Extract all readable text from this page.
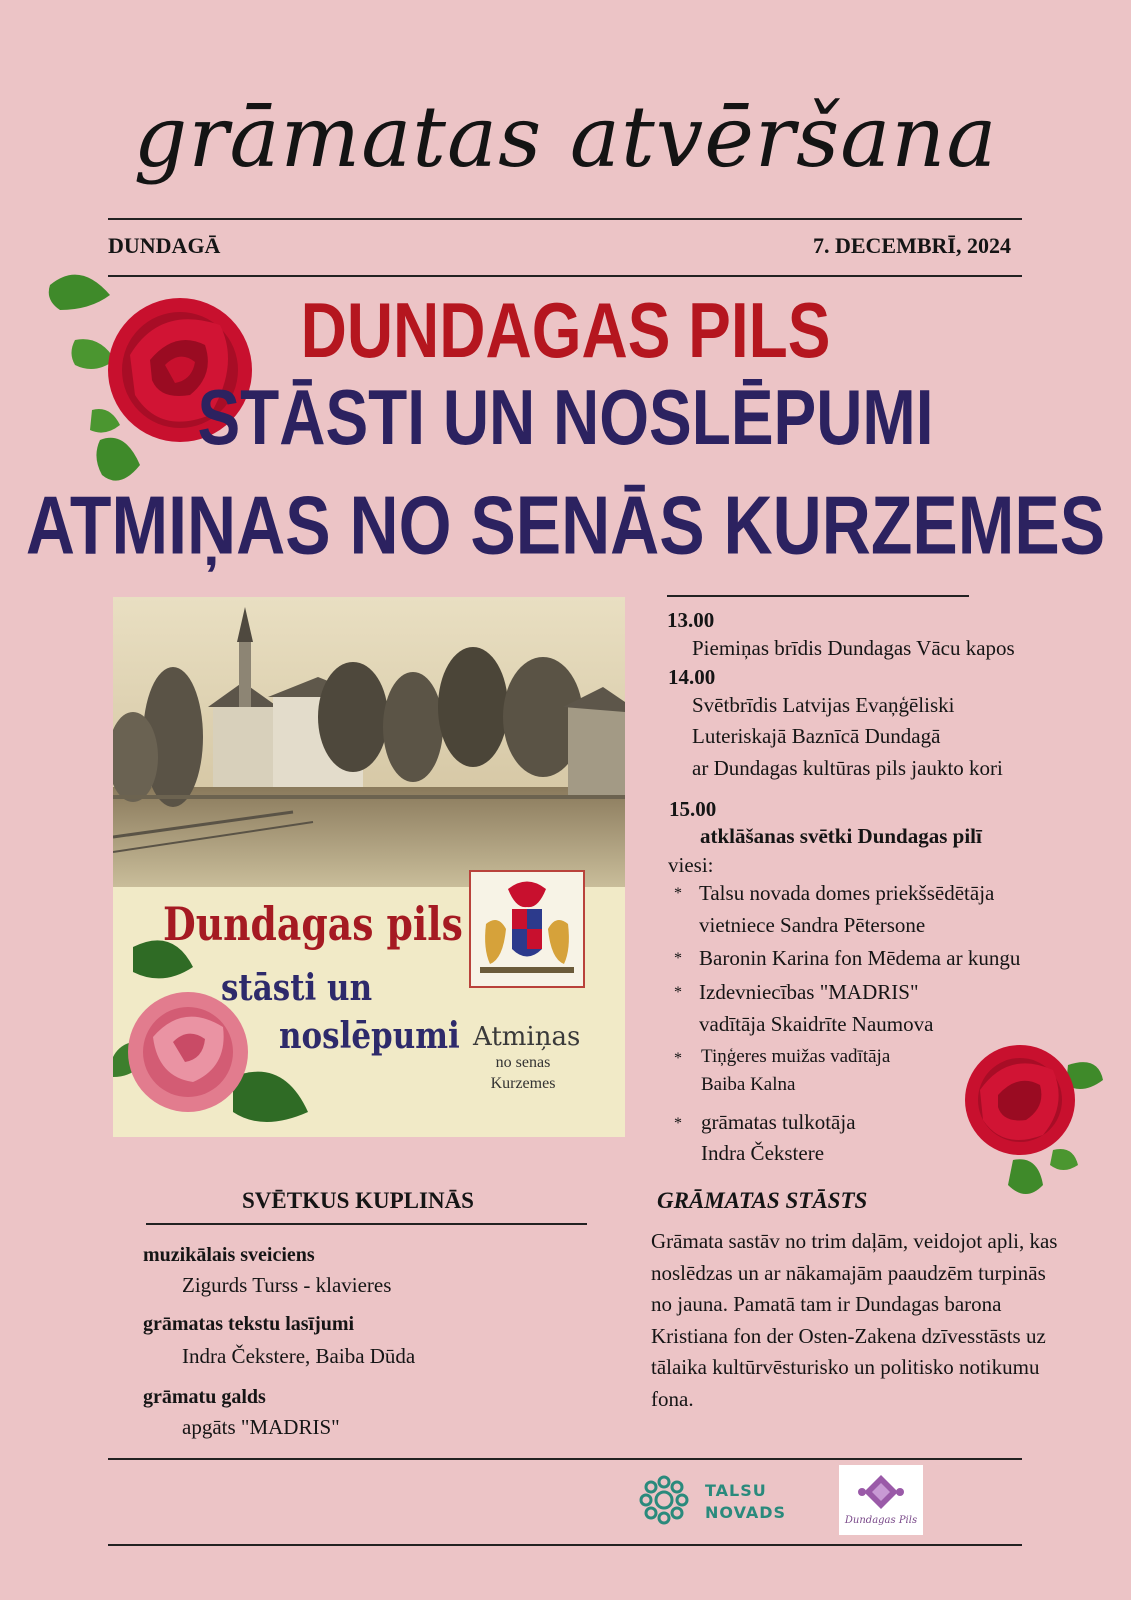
grāmatas atvēršana
DUNDAGĀ	7. DECEMBRĪ, 2024
DUNDAGAS PILS
STĀSTI UN NOSLĒPUMI
ATMIŅAS NO SENĀS KURZEMES
Dundagas pils
stāsti un
noslēpumi Atmiņas
no senas
Kurzemes
13.00
Piemiņas brīdis Dundagas Vācu kapos
14.00
Svētbrīdis Latvijas Evaņģēliski
Luteriskajā Baznīcā Dundagā
ar Dundagas kultūras pils jaukto kori
15.00
atklāšanas svētki Dundagas pilī
viesi:
* Talsu novada domes priekšsēdētāja
vietniece Sandra Pētersone
* Baronin Karina fon Mēdema ar kungu
* Izdevniecības "MADRIS"
vadītāja Skaidrīte Naumova
* Tiņģeres muižas vadītāja
Baiba Kalna
* grāmatas tulkotāja
Indra Čekstere
SVĒTKUS KUPLINĀS
muzikālais sveiciens
Zigurds Turss - klavieres
grāmatas tekstu lasījumi
Indra Čekstere, Baiba Dūda
grāmatu galds
apgāts "MADRIS"
GRĀMATAS STĀSTS
Grāmata sastāv no trim daļām, veidojot apli, kas noslēdzas un ar nākamajām paaudzēm turpinās no jauna. Pamatā tam ir Dundagas barona Kristiana fon der Osten-Zakena dzīvesstāsts uz tālaika kultūrvēsturisko un politisko notikumu fona.
TALSU
NOVADS	Dundagas Pils
